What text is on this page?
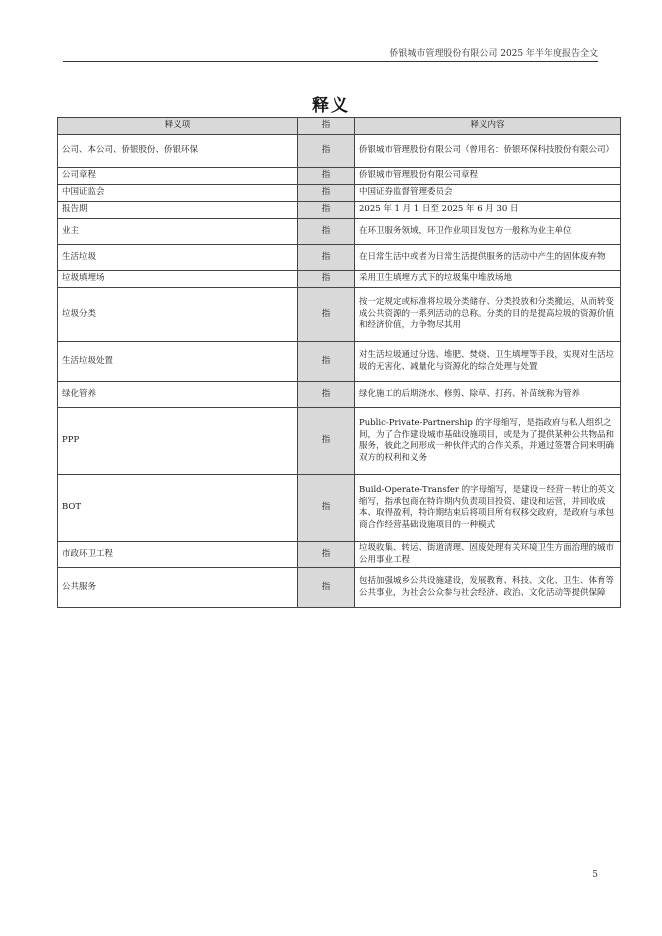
侨银城市管理股份有限公司 2025 年半年度报告全文
释义
释义项	指	释义内容
公司、本公司、侨银股份、侨银环保	指	侨银城市管理股份有限公司（曾用名：侨银环保科技股份有限公司）
公司章程	指	侨银城市管理股份有限公司章程
中国证监会	指	中国证券监督管理委员会
报告期	指	2025 年 1 月 1 日至 2025 年 6 月 30 日
业主	指	在环卫服务领域，环卫作业项目发包方一般称为业主单位
生活垃圾	指	在日常生活中或者为日常生活提供服务的活动中产生的固体废弃物
垃圾填埋场	指	采用卫生填埋方式下的垃圾集中堆放场地
垃圾分类	指	按一定规定或标准将垃圾分类储存、分类投放和分类搬运，从而转变成公共资源的一系列活动的总称。分类的目的是提高垃圾的资源价值和经济价值，力争物尽其用
生活垃圾处置	指	对生活垃圾通过分选、堆肥、焚烧、卫生填埋等手段，实现对生活垃圾的无害化、减量化与资源化的综合处理与处置
绿化管养	指	绿化施工的后期浇水、修剪、除草、打药、补苗统称为管养
PPP	指	Public-Private-Partnership 的字母缩写，是指政府与私人组织之间，为了合作建设城市基础设施项目，或是为了提供某种公共物品和服务，彼此之间形成一种伙伴式的合作关系，并通过签署合同来明确双方的权利和义务
BOT	指	Build-Operate-Transfer 的字母缩写，是建设－经营－转让的英文缩写，指承包商在特许期内负责项目投资、建设和运营，并回收成本、取得盈利，特许期结束后将项目所有权移交政府，是政府与承包商合作经营基础设施项目的一种模式
市政环卫工程	指	垃圾收集、转运、街道清理、固废处理有关环境卫生方面治理的城市公用事业工程
公共服务	指	包括加强城乡公共设施建设，发展教育、科技、文化、卫生、体育等公共事业，为社会公众参与社会经济、政治、文化活动等提供保障
5
